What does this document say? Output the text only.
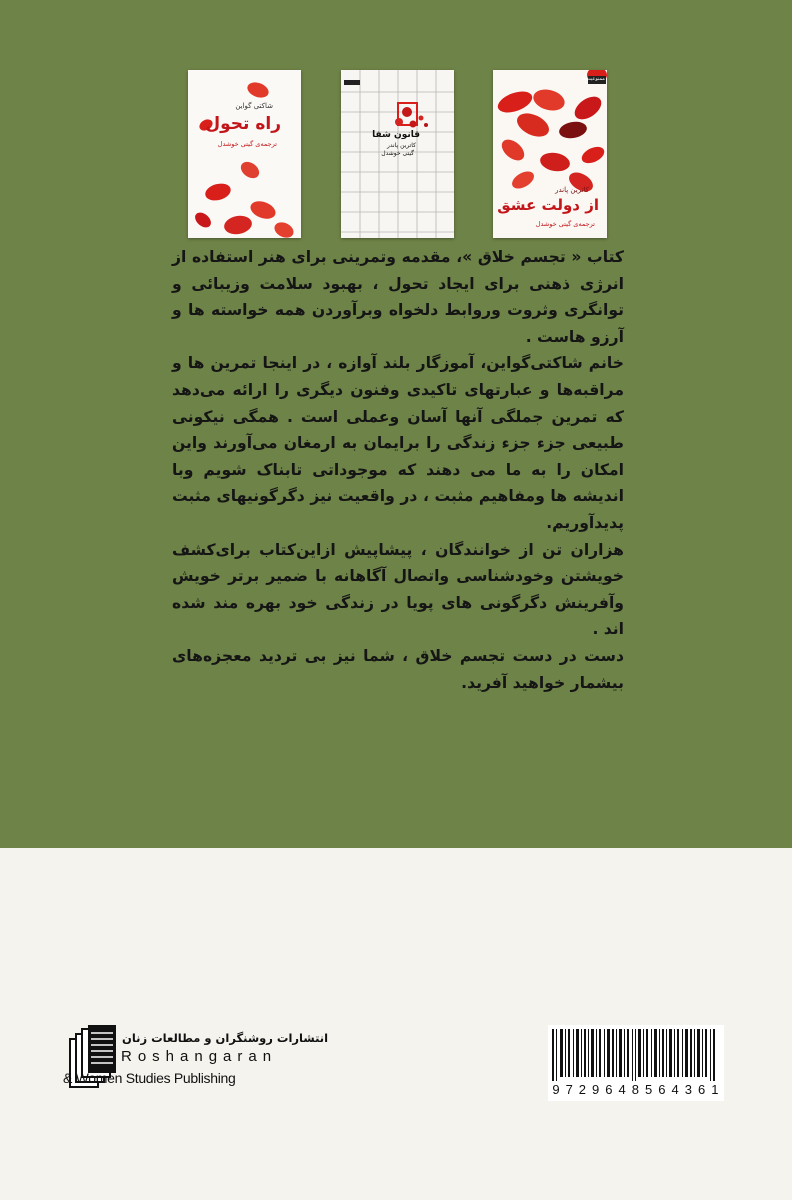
ممنوعیت‌ها
کاترین پاندر
از دولت عشق
ترجمه‌ی گیتی خوشدل
قانون شفا
کاترین پاندر
گیتی خوشدل
شاکتی گواین
راه تحول
ترجمه‌ی گیتی خوشدل

کتاب « تجسم خلاق »، مقدمه وتمرینی برای هنر استفاده از انرژی ذهنی برای ایجاد تحول ، بهبود سلامت وزیبائی و توانگری وثروت وروابط دلخواه وبرآوردن همه خواسته ها و آرزو هاست .

خانم شاکتی‌گواین، آموزگار بلند آوازه ، در اینجا تمرین ها و مراقبه‌ها و عبارتهای تاکیدی وفنون دیگری را ارائه می‌دهد که تمرین جملگی آنها آسان وعملی است . همگی نیکونی طبیعی جزء جزء زندگی را برایمان به ارمغان می‌آورند واین امکان را به ما می دهند که موجوداتی تابناک شویم وبا اندیشه ها ومفاهیم مثبت ، در واقعیت نیز دگرگونیهای مثبت پدیدآوریم.

هزاران تن از خوانندگان ، پیشاپیش ازاین‌کتاب برای‌کشف خویشتن وخودشناسی واتصال آگاهانه با ضمیر برتر خویش وآفرینش دگرگونی های پویا در زندگی خود بهره مند شده اند .

دست در دست تجسم خلاق ، شما نیز بی تردید معجزه‌های بیشمار خواهید آفرید.

انتشارات روشنگران و مطالعات زنان
Roshangaran
& Women Studies Publishing
9 7 2 9 6 4 8 5 6 4 3 6 1
